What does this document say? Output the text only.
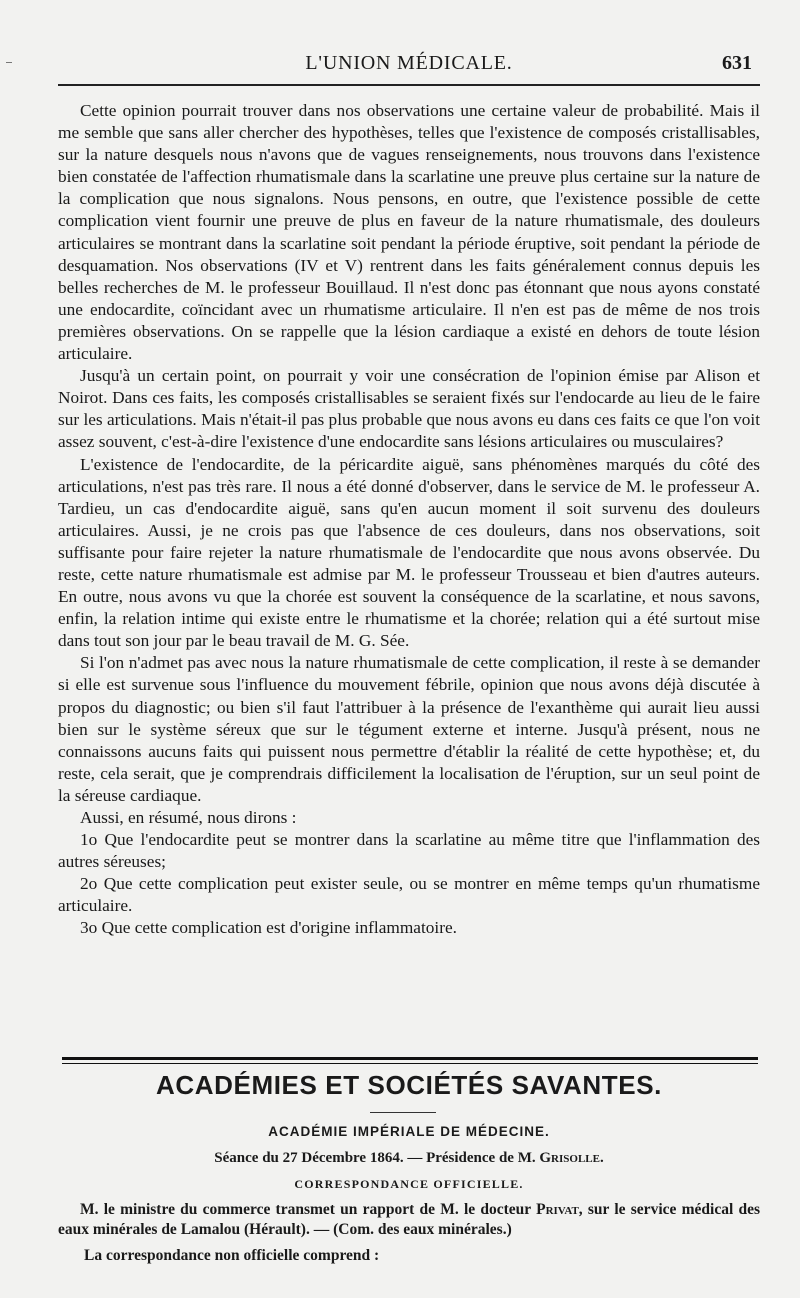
L'UNION MÉDICALE.	631

Cette opinion pourrait trouver dans nos observations une certaine valeur de probabilité. Mais il me semble que sans aller chercher des hypothèses, telles que l'existence de composés cristallisables, sur la nature desquels nous n'avons que de vagues renseignements, nous trouvons dans l'existence bien constatée de l'affection rhumatismale dans la scarlatine une preuve plus certaine sur la nature de la complication que nous signalons. Nous pensons, en outre, que l'existence possible de cette complication vient fournir une preuve de plus en faveur de la nature rhumatismale, des douleurs articulaires se montrant dans la scarlatine soit pendant la période éruptive, soit pendant la période de desquamation. Nos observations (IV et V) rentrent dans les faits généralement connus depuis les belles recherches de M. le professeur Bouillaud. Il n'est donc pas étonnant que nous ayons constaté une endocardite, coïncidant avec un rhumatisme articulaire. Il n'en est pas de même de nos trois premières observations. On se rappelle que la lésion cardiaque a existé en dehors de toute lésion articulaire.

Jusqu'à un certain point, on pourrait y voir une consécration de l'opinion émise par Alison et Noirot. Dans ces faits, les composés cristallisables se seraient fixés sur l'endocarde au lieu de le faire sur les articulations. Mais n'était-il pas plus probable que nous avons eu dans ces faits ce que l'on voit assez souvent, c'est-à-dire l'existence d'une endocardite sans lésions articulaires ou musculaires?

L'existence de l'endocardite, de la péricardite aiguë, sans phénomènes marqués du côté des articulations, n'est pas très rare. Il nous a été donné d'observer, dans le service de M. le professeur A. Tardieu, un cas d'endocardite aiguë, sans qu'en aucun moment il soit survenu des douleurs articulaires. Aussi, je ne crois pas que l'absence de ces douleurs, dans nos observations, soit suffisante pour faire rejeter la nature rhumatismale de l'endocardite que nous avons observée. Du reste, cette nature rhumatismale est admise par M. le professeur Trousseau et bien d'autres auteurs. En outre, nous avons vu que la chorée est souvent la conséquence de la scarlatine, et nous savons, enfin, la relation intime qui existe entre le rhumatisme et la chorée; relation qui a été surtout mise dans tout son jour par le beau travail de M. G. Sée.

Si l'on n'admet pas avec nous la nature rhumatismale de cette complication, il reste à se demander si elle est survenue sous l'influence du mouvement fébrile, opinion que nous avons déjà discutée à propos du diagnostic; ou bien s'il faut l'attribuer à la présence de l'exanthème qui aurait lieu aussi bien sur le système séreux que sur le tégument externe et interne. Jusqu'à présent, nous ne connaissons aucuns faits qui puissent nous permettre d'établir la réalité de cette hypothèse; et, du reste, cela serait, que je comprendrais difficilement la localisation de l'éruption, sur un seul point de la séreuse cardiaque.

Aussi, en résumé, nous dirons :

1o Que l'endocardite peut se montrer dans la scarlatine au même titre que l'inflammation des autres séreuses;

2o Que cette complication peut exister seule, ou se montrer en même temps qu'un rhumatisme articulaire.

3o Que cette complication est d'origine inflammatoire.

ACADÉMIES ET SOCIÉTÉS SAVANTES.
ACADÉMIE IMPÉRIALE DE MÉDECINE.
Séance du 27 Décembre 1864. — Présidence de M. Grisolle.
CORRESPONDANCE OFFICIELLE.

M. le ministre du commerce transmet un rapport de M. le docteur Privat, sur le service médical des eaux minérales de Lamalou (Hérault). — (Com. des eaux minérales.)

La correspondance non officielle comprend :
